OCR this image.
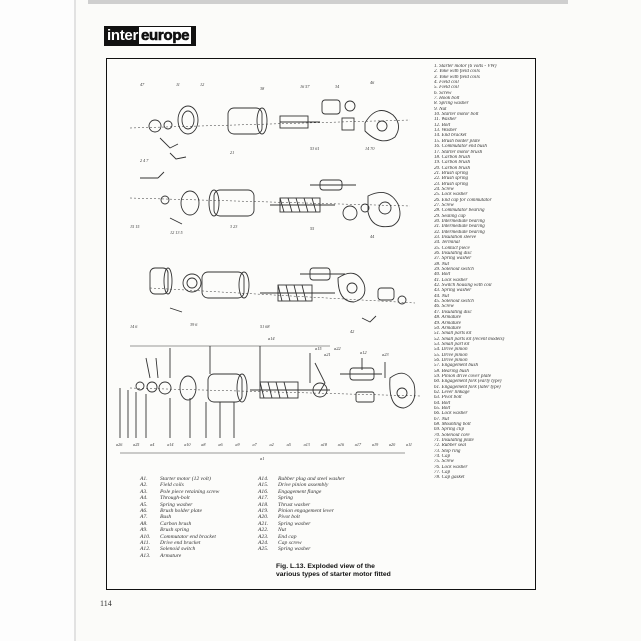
inter europe
47	11	12
38	16 57	34
46
2 4 7
21
53 61	14 70
15 15
12 13 5
3 23	55
44
14 6	39 6	51 68
42
a14
a15
a21
a22
a12	a23
a1
a26	a25	a4	a14	a10	a8	a6	a9	a7	a2	a5	a13	a18	a16	a17	a19	a20	a11
1. Starter motor (6 volts - VW)
2. Yoke with field coils
3. Yoke with field coils
4. Field coil
5. Field coil
6. Screw
7. Hook bolt
8. Spring washer
9. Nut
10. Starter motor bolt
11. Washer
12. Bolt
13. Washer
14. End bracket
15. Brush holder plate
16. Commutator end bush
17. Starter motor brush
18. Carbon brush
19. Carbon brush
20. Carbon brush
21. Brush spring
22. Brush spring
23. Brush spring
24. Screw
25. Lock washer
26. End cap for commutator
27. Screw
28. Commutator bearing
29. Sealing cap
30. Intermediate bearing
31. Intermediate bearing
32. Intermediate bearing
33. Insulation sleeve
34. Terminal
35. Contact piece
36. Insulating disc
37. Spring washer
38. Nut
39. Solenoid switch
40. Bolt
41. Lock washer
42. Switch housing with coil
43. Spring washer
44. Nut
45. Solenoid switch
46. Screw
47. Insulating disc
48. Armature
49. Armature
50. Armature
51. Small parts kit
52. Small parts kit (recent models)
53. Small part kit
54. Drive pinion
55. Drive pinion
56. Drive pinion
57. Engagement bush
58. Bearing bush
59. Pinion drive cover plate
60. Engagement fork (early type)
61. Engagement fork (later type)
62. Lever linkage
63. Pivot bolt
64. Bolt
65. Bolt
66. Lock washer
67. Nut
68. Mounting bolt
69. Spring clip
70. Solenoid core
71. Insulating plate
72. Rubber seal
73. Stop ring
74. Cap
75. Screw
76. Lock washer
77. Cap
78. Cap gasket
A1. Starter motor (12 volt)
A2. Field coils
A3. Pole piece retaining screw
A4. Through-bolt
A5. Spring washer
A6. Brush holder plate
A7. Bush
A8. Carbon brush
A9. Brush spring
A10. Commutator end bracket
A11. Drive end bracket
A12. Solenoid switch
A13. Armature
A14. Rubber plug and steel washer
A15. Drive pinion assembly
A16. Engagement flange
A17. Spring
A18. Thrust washer
A19. Pinion engagement lever
A20. Pivot bolt
A21. Spring washer
A22. Nut
A23. End cap
A24. Cap screw
A25. Spring washer
Fig. L.13. Exploded view of the
various types of starter motor fitted
114
